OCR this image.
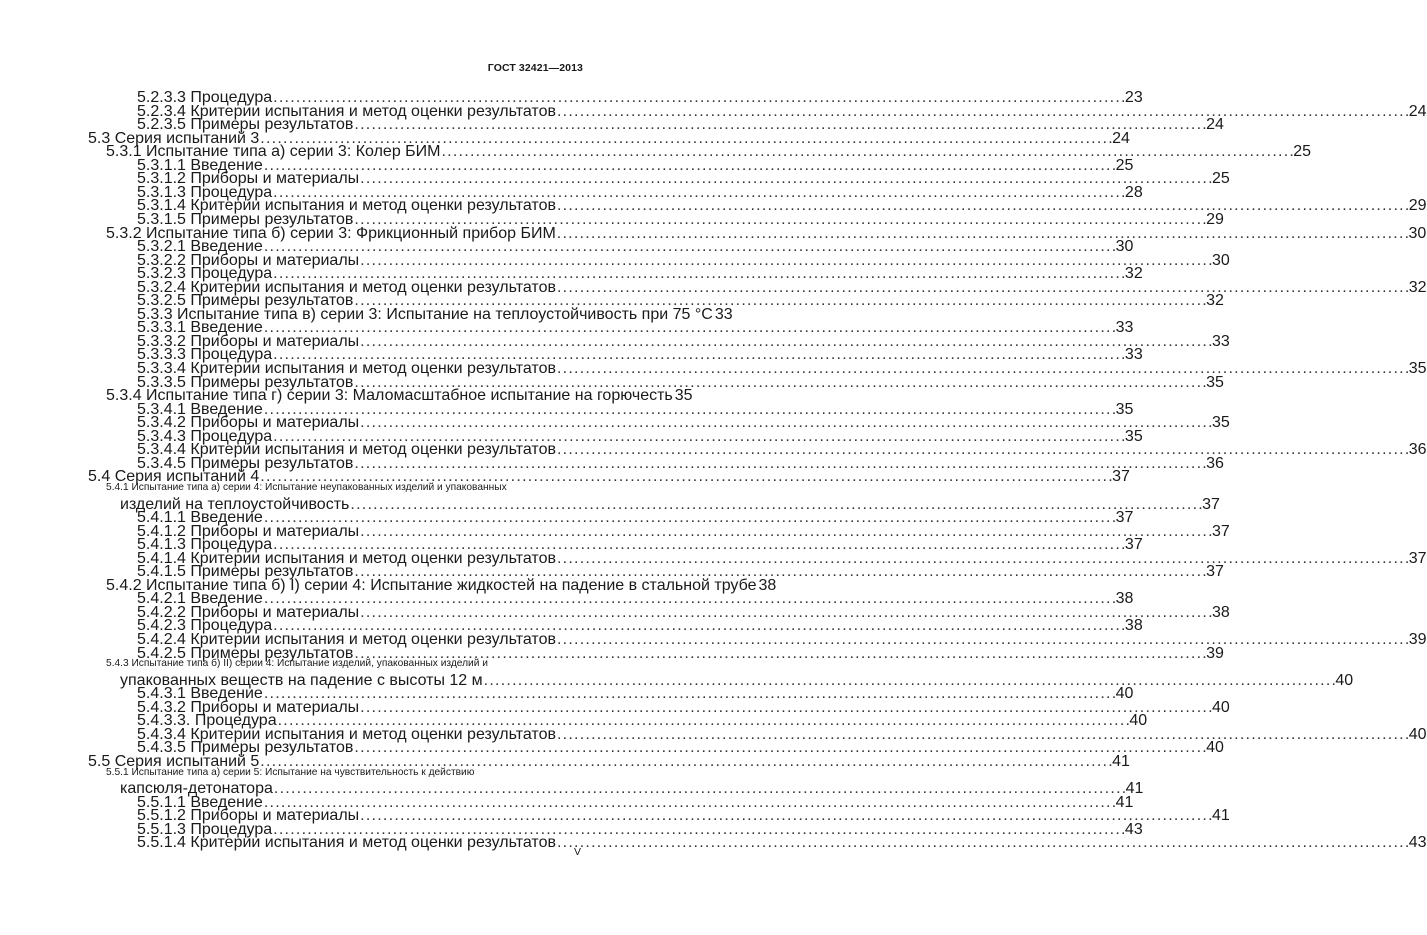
ГОСТ 32421—2013
5.2.3.3 Процедура . . .	23
5.2.3.4 Критерии испытания и метод оценки результатов . . .	24
5.2.3.5 Примеры результатов . . .	24
5.3 Серия испытаний 3 . . .	24
5.3.1 Испытание типа а) серии 3: Колер БИМ . . .	25
5.3.1.1 Введение . . .	25
5.3.1.2 Приборы и материалы . . .	25
5.3.1.3 Процедура . . .	28
5.3.1.4 Критерии испытания и метод оценки результатов . . .	29
5.3.1.5 Примеры результатов . . .	29
5.3.2 Испытание типа б) серии 3: Фрикционный прибор БИМ . . .	30
5.3.2.1 Введение . . .	30
5.3.2.2 Приборы и материалы . . .	30
5.3.2.3 Процедура . . .	32
5.3.2.4 Критерии испытания и метод оценки результатов . . .	32
5.3.2.5 Примеры результатов . . .	32
5.3.3 Испытание типа в) серии 3: Испытание на теплоустойчивость при 75 °С 33
5.3.3.1 Введение . . .	33
5.3.3.2 Приборы и материалы . . .	33
5.3.3.3 Процедура . . .	33
5.3.3.4 Критерии испытания и метод оценки результатов . . .	35
5.3.3.5 Примеры результатов . . .	35
5.3.4 Испытание типа г) серии 3: Маломасштабное испытание на горючесть 35
5.3.4.1 Введение . . .	35
5.3.4.2 Приборы и материалы . . .	35
5.3.4.3 Процедура . . .	35
5.3.4.4 Критерии испытания и метод оценки результатов . . .	36
5.3.4.5 Примеры результатов . . .	36
5.4 Серия испытаний 4 . . .	37
5.4.1 Испытание типа а) серии 4: Испытание неупакованных изделий и упакованных
изделий на теплоустойчивость . . .	37
5.4.1.1 Введение . . .	37
5.4.1.2 Приборы и материалы . . .	37
5.4.1.3 Процедура . . .	37
5.4.1.4 Критерии испытания и метод оценки результатов . . .	37
5.4.1.5 Примеры результатов . . .	37
5.4.2 Испытание типа б) I) серии 4: Испытание жидкостей на падение в стальной трубе 38
5.4.2.1 Введение . . .	38
5.4.2.2 Приборы и материалы . . .	38
5.4.2.3 Процедура . . .	38
5.4.2.4 Критерии испытания и метод оценки результатов . . .	39
5.4.2.5 Примеры результатов . . .	39
5.4.3 Испытание типа б) II) серии 4: Испытание изделий, упакованных изделий и
упакованных веществ на падение с высоты 12 м . . .	40
5.4.3.1 Введение . . .	40
5.4.3.2 Приборы и материалы . . .	40
5.4.3.3. Процедура . . .	40
5.4.3.4 Критерии испытания и метод оценки результатов . . .	40
5.4.3.5 Примеры результатов . . .	40
5.5 Серия испытаний 5 . . .	41
5.5.1 Испытание типа а) серии 5: Испытание на чувствительность к действию
капсюля-детонатора . . .	41
5.5.1.1 Введение . . .	41
5.5.1.2 Приборы и материалы . . .	41
5.5.1.3 Процедура . . .	43
5.5.1.4 Критерии испытания и метод оценки результатов . . .	43
V
